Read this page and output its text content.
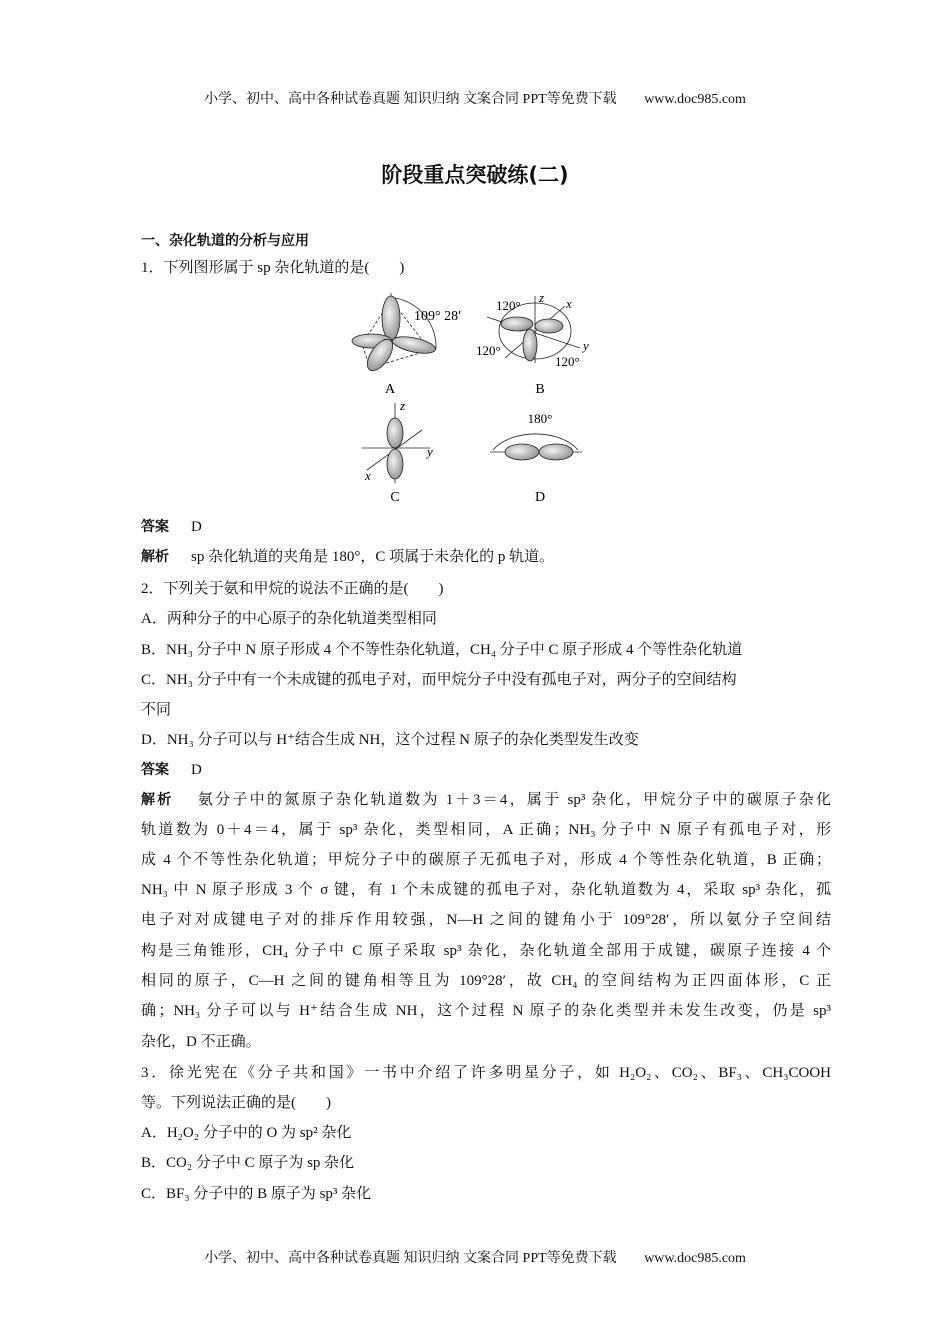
小学、初中、高中各种试卷真题 知识归纳 文案合同 PPT等免费下载 www.doc985.com
阶段重点突破练(二)
一、杂化轨道的分析与应用
1．下列图形属于 sp 杂化轨道的是(　　)
109° 28′
A
120°
120°
120°
z x
y
B
z
y
x
C
180°
D
答案 D
解析 sp 杂化轨道的夹角是 180°，C 项属于未杂化的 p 轨道。
2．下列关于氨和甲烷的说法不正确的是(　　)
A．两种分子的中心原子的杂化轨道类型相同
B．NH₃ 分子中 N 原子形成 4 个不等性杂化轨道，CH₄ 分子中 C 原子形成 4 个等性杂化轨道
C．NH₃ 分子中有一个未成键的孤电子对，而甲烷分子中没有孤电子对，两分子的空间结构
不同
D．NH₃ 分子可以与 H⁺结合生成 NH，这个过程 N 原子的杂化类型发生改变
答案 D
解析 氨分子中的氮原子杂化轨道数为 1＋3＝4，属于 sp³ 杂化，甲烷分子中的碳原子杂化
轨道数为 0＋4＝4，属于 sp³ 杂化，类型相同，A 正确；NH₃ 分子中 N 原子有孤电子对，形
成 4 个不等性杂化轨道；甲烷分子中的碳原子无孤电子对，形成 4 个等性杂化轨道，B 正确；
NH₃ 中 N 原子形成 3 个 σ 键，有 1 个未成键的孤电子对，杂化轨道数为 4，采取 sp³ 杂化，孤
电子对对成键电子对的排斥作用较强，N—H 之间的键角小于 109°28′，所以氨分子空间结
构是三角锥形，CH₄ 分子中 C 原子采取 sp³ 杂化，杂化轨道全部用于成键，碳原子连接 4 个
相同的原子，C—H 之间的键角相等且为 109°28′，故 CH₄ 的空间结构为正四面体形，C 正
确；NH₃ 分子可以与 H⁺结合生成 NH，这个过程 N 原子的杂化类型并未发生改变，仍是 sp³
杂化，D 不正确。
3．徐光宪在《分子共和国》一书中介绍了许多明星分子，如 H₂O₂、CO₂、BF₃、CH₃COOH
等。下列说法正确的是(　　)
A．H₂O₂ 分子中的 O 为 sp² 杂化
B．CO₂ 分子中 C 原子为 sp 杂化
C．BF₃ 分子中的 B 原子为 sp³ 杂化
小学、初中、高中各种试卷真题 知识归纳 文案合同 PPT等免费下载 www.doc985.com
